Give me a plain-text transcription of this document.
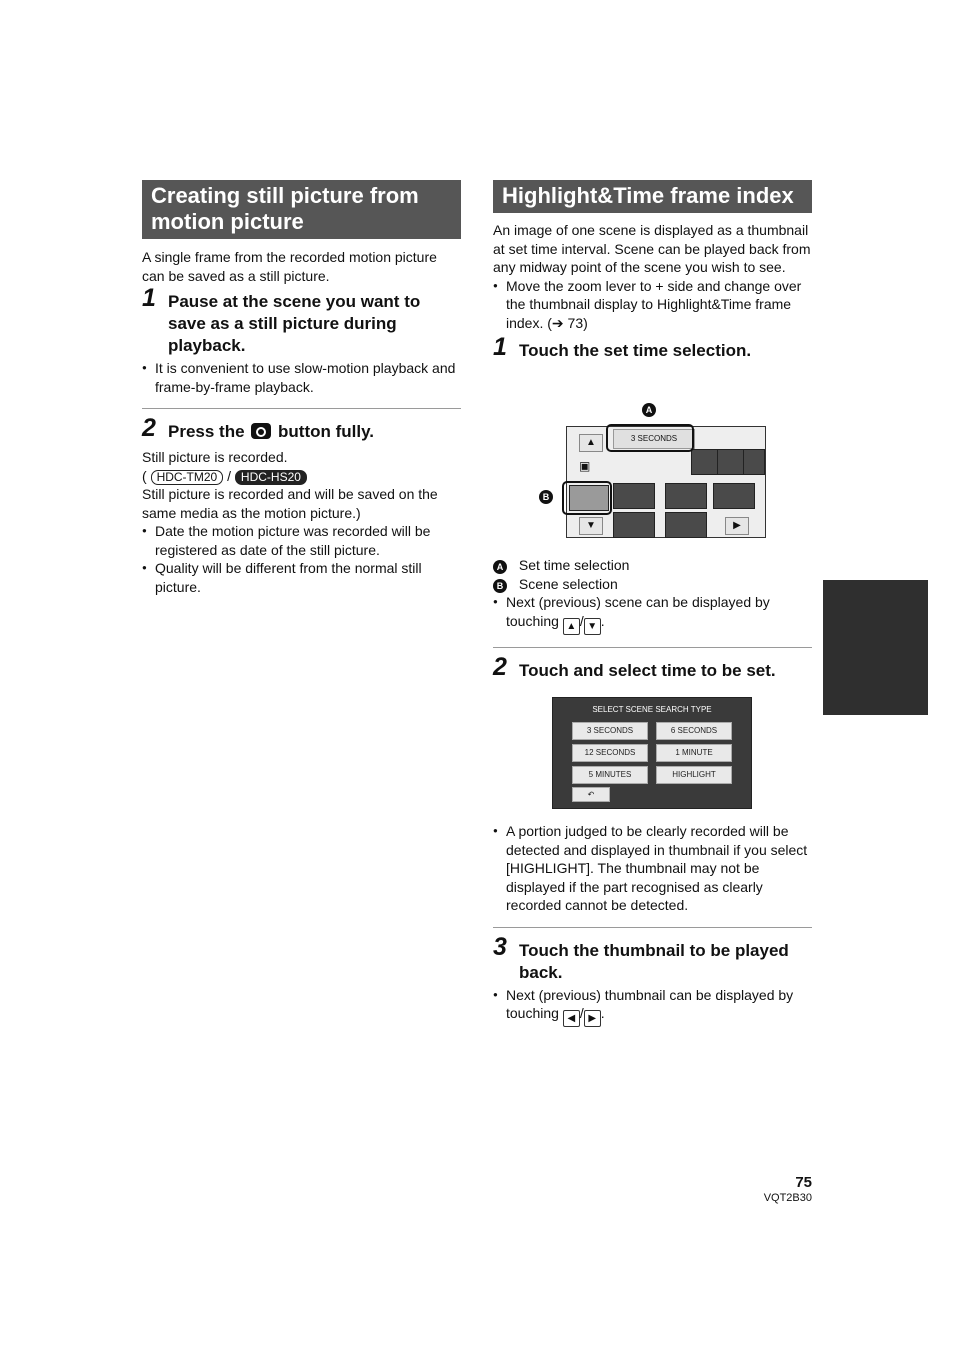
Creating still picture from motion picture

A single frame from the recorded motion picture can be saved as a still picture.

1 Pause at the scene you want to save as a still picture during playback.
● It is convenient to use slow-motion playback and frame-by-frame playback.
2 Press the button fully.

Still picture is recorded.

( HDC-TM20 / HDC-HS20

Still picture is recorded and will be saved on the same media as the motion picture.)

● Date the motion picture was recorded will be registered as date of the still picture.
● Quality will be different from the normal still picture.
Highlight&Time frame index

An image of one scene is displayed as a thumbnail at set time interval. Scene can be played back from any midway point of the scene you wish to see.

● Move the zoom lever to + side and change over the thumbnail display to Highlight&Time frame index. (➔ 73)
1 Touch the set time selection.
▲	3 SECONDS
▣
▼	▶
A
B

A Set time selection

B Scene selection

● Next (previous) scene can be displayed by touching ▲ / ▼ .
2 Touch and select time to be set.
SELECT SCENE SEARCH TYPE
3 SECONDS	6 SECONDS
12 SECONDS	1 MINUTE
5 MINUTES	HIGHLIGHT
↶
● A portion judged to be clearly recorded will be detected and displayed in thumbnail if you select [HIGHLIGHT]. The thumbnail may not be displayed if the part recognised as clearly recorded cannot be detected.
3 Touch the thumbnail to be played back.
● Next (previous) thumbnail can be displayed by touching ◀ / ▶ .
75
VQT2B30
